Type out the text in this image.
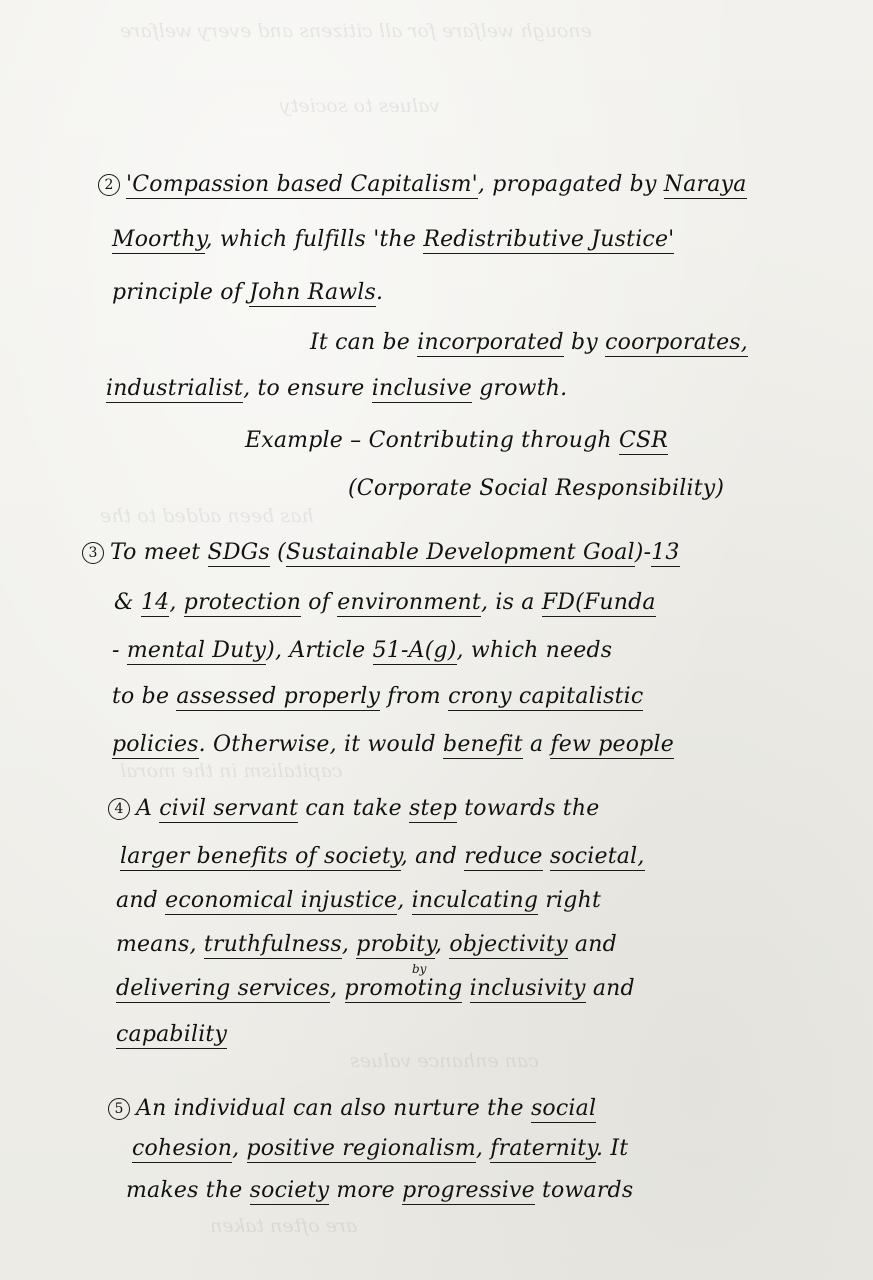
enough welfare for all citizens and every welfare
values to society
has been added to the
capitalism in the moral
can enhance values
are often taken
2 'Compassion based Capitalism', propagated by Naraya
Moorthy, which fulfills 'the Redistributive Justice'
principle of John Rawls.
It can be incorporated by coorporates,
industrialist, to ensure inclusive growth.
Example – Contributing through CSR
(Corporate Social Responsibility)
3 To meet SDGs (Sustainable Development Goal)-13
& 14, protection of environment, is a FD(Funda
- mental Duty), Article 51-A(g), which needs
to be assessed properly from crony capitalistic
policies. Otherwise, it would benefit a few people
4 A civil servant can take step towards the
larger benefits of society, and reduce societal,
and economical injustice, inculcating right
means, truthfulness, probity, objectivity and
by
delivering services, promoting inclusivity and
capability
5 An individual can also nurture the social
cohesion, positive regionalism, fraternity. It
makes the society more progressive towards
